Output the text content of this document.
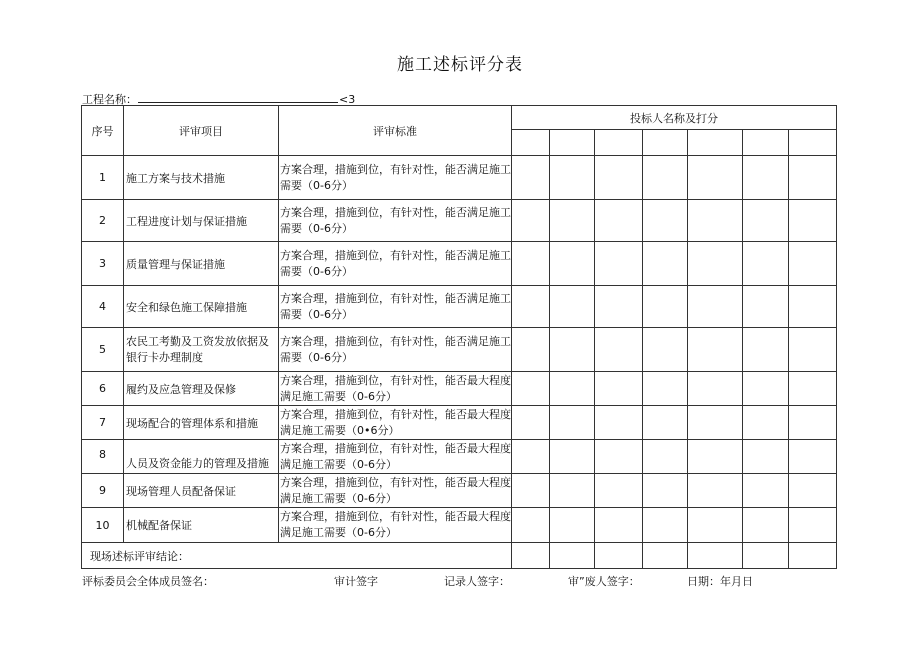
施工述标评分表
工程名称：	<3
序号	评审项目	评审标准	投标人名称及打分						

1	施工方案与技术措施	方案合理，措施到位，有针对性，能否满足施工
需要（0-6分）							

2	工程进度计划与保证措施	方案合理，措施到位，有针对性，能否满足施工
需要（0-6分）							

3	质量管理与保证措施	方案合理，措施到位，有针对性，能否满足施工
需要（0-6分）							

4	安全和绿色施工保障措施	方案合理，措施到位，有针对性，能否满足施工
需要（0-6分）							

5	农民工考勤及工资发放依据及银行卡办理制度	方案合理，措施到位，有针对性，能否满足施工
需要（0-6分）							

6	履约及应急管理及保修	方案合理，措施到位，有针对性，能否最大程度
满足施工需要（0-6分）							

7	现场配合的管理体系和措施	方案合理，措施到位，有针对性，能否最大程度
满足施工需要（0•6分）							

8	人员及资金能力的管理及措施	方案合理，措施到位，有针对性，能否最大程度
满足施工需要（0-6分）							

9	现场管理人员配备保证	方案合理，措施到位，有针对性，能否最大程度
满足施工需要（0-6分）							

10	机械配备保证	方案合理，措施到位，有针对性，能否最大程度
满足施工需要（0-6分）							

现场述标评审结论：									
评标委员会全体成员签名：	审计签字	记录人签字：	审”废人签字：	日期：年月日
